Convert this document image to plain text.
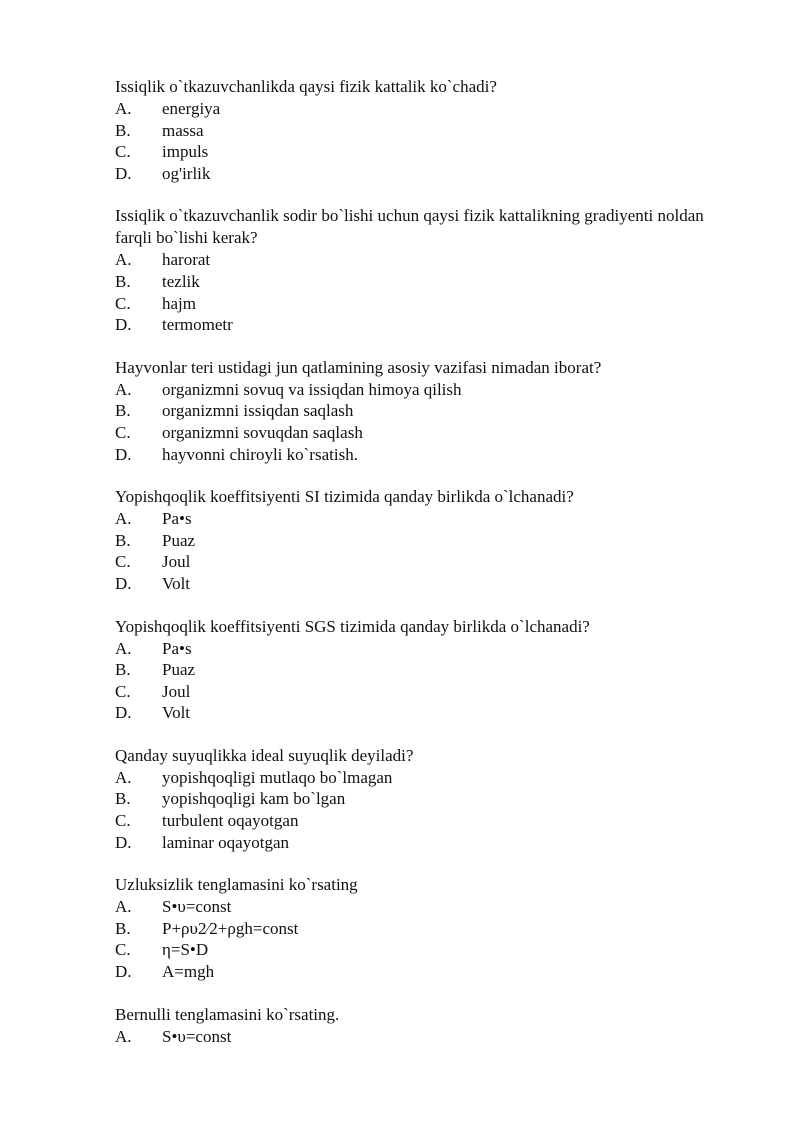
Issiqlik o`tkazuvchanlikda qaysi fizik kattalik ko`chadi?

A.	energiya
B.	massa
C.	impuls
D.	og'irlik

Issiqlik o`tkazuvchanlik sodir bo`lishi uchun qaysi fizik kattalikning gradiyenti noldan farqli bo`lishi kerak?

A.	harorat
B.	tezlik
C.	hajm
D.	termometr

Hayvonlar teri ustidagi jun qatlamining asosiy vazifasi nimadan iborat?

A.	organizmni sovuq va issiqdan himoya qilish
B.	organizmni issiqdan saqlash
C.	organizmni sovuqdan saqlash
D.	hayvonni chiroyli ko`rsatish.

Yopishqoqlik koeffitsiyenti SI tizimida qanday birlikda o`lchanadi?

A.	Pa•s
B.	Puaz
C.	Joul
D.	Volt

Yopishqoqlik koeffitsiyenti SGS tizimida qanday birlikda o`lchanadi?

A.	Pa•s
B.	Puaz
C.	Joul
D.	Volt

Qanday suyuqlikka ideal suyuqlik deyiladi?

A.	yopishqoqligi mutlaqo bo`lmagan
B.	yopishqoqligi kam bo`lgan
C.	turbulent oqayotgan
D.	laminar oqayotgan

Uzluksizlik tenglamasini ko`rsating

A.	S•υ=const
B.	P+ρυ2⁄2+ρgh=const
C.	η=S•D
D.	A=mgh

Bernulli tenglamasini ko`rsating.

A.	S•υ=const
